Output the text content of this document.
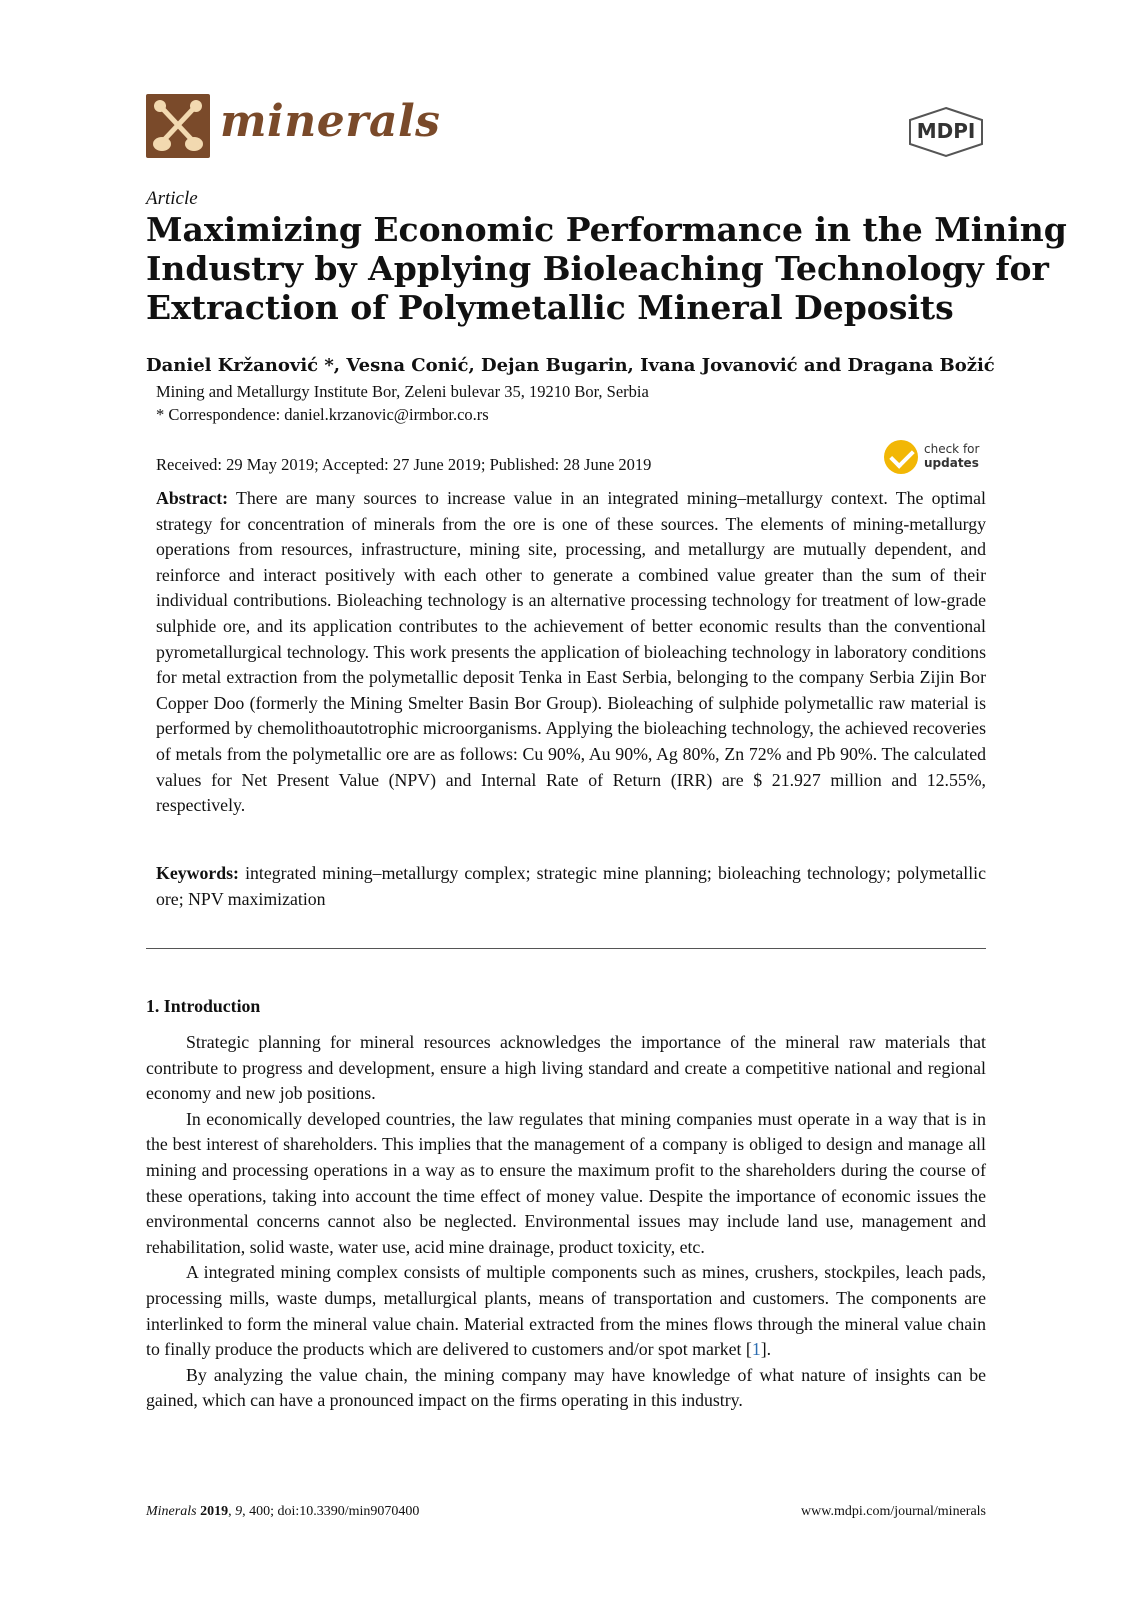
minerals	MDPI
Article
Maximizing Economic Performance in the Mining
Industry by Applying Bioleaching Technology for
Extraction of Polymetallic Mineral Deposits
Daniel Kržanović *, Vesna Conić, Dejan Bugarin, Ivana Jovanović and Dragana Božić
Mining and Metallurgy Institute Bor, Zeleni bulevar 35, 19210 Bor, Serbia
* Correspondence: daniel.krzanovic@irmbor.co.rs
Received: 29 May 2019; Accepted: 27 June 2019; Published: 28 June 2019
check for
updates

Abstract: There are many sources to increase value in an integrated mining–metallurgy context. The optimal strategy for concentration of minerals from the ore is one of these sources. The elements of mining-metallurgy operations from resources, infrastructure, mining site, processing, and metallurgy are mutually dependent, and reinforce and interact positively with each other to generate a combined value greater than the sum of their individual contributions. Bioleaching technology is an alternative processing technology for treatment of low-grade sulphide ore, and its application contributes to the achievement of better economic results than the conventional pyrometallurgical technology. This work presents the application of bioleaching technology in laboratory conditions for metal extraction from the polymetallic deposit Tenka in East Serbia, belonging to the company Serbia Zijin Bor Copper Doo (formerly the Mining Smelter Basin Bor Group). Bioleaching of sulphide polymetallic raw material is performed by chemolithoautotrophic microorganisms. Applying the bioleaching technology, the achieved recoveries of metals from the polymetallic ore are as follows: Cu 90%, Au 90%, Ag 80%, Zn 72% and Pb 90%. The calculated values for Net Present Value (NPV) and Internal Rate of Return (IRR) are $ 21.927 million and 12.55%, respectively.

Keywords: integrated mining–metallurgy complex; strategic mine planning; bioleaching technology; polymetallic ore; NPV maximization

1. Introduction

Strategic planning for mineral resources acknowledges the importance of the mineral raw materials that contribute to progress and development, ensure a high living standard and create a competitive national and regional economy and new job positions.

In economically developed countries, the law regulates that mining companies must operate in a way that is in the best interest of shareholders. This implies that the management of a company is obliged to design and manage all mining and processing operations in a way as to ensure the maximum profit to the shareholders during the course of these operations, taking into account the time effect of money value. Despite the importance of economic issues the environmental concerns cannot also be neglected. Environmental issues may include land use, management and rehabilitation, solid waste, water use, acid mine drainage, product toxicity, etc.

A integrated mining complex consists of multiple components such as mines, crushers, stockpiles, leach pads, processing mills, waste dumps, metallurgical plants, means of transportation and customers. The components are interlinked to form the mineral value chain. Material extracted from the mines flows through the mineral value chain to finally produce the products which are delivered to customers and/or spot market [1].

By analyzing the value chain, the mining company may have knowledge of what nature of insights can be gained, which can have a pronounced impact on the firms operating in this industry.

Minerals 2019, 9, 400; doi:10.3390/min9070400	www.mdpi.com/journal/minerals
